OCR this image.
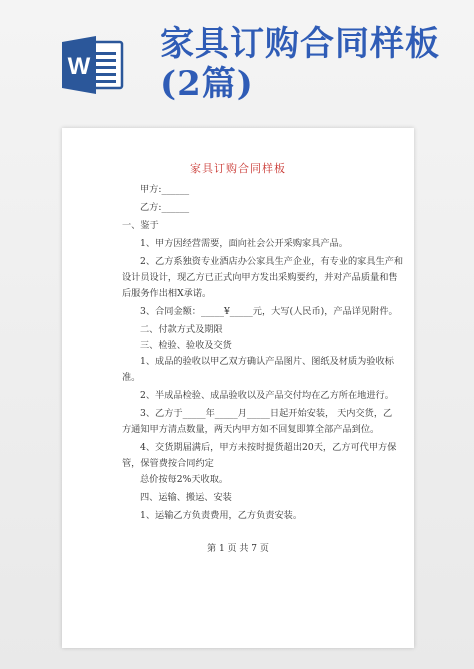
W
家具订购合同样板
(2篇)
家具订购合同样板
甲方:______
乙方:______
一、鉴于
1、甲方因经营需要，面向社会公开采购家具产品。
2、乙方系独资专业酒店办公家具生产企业，有专业的家具生产和
设计员设计，现乙方已正式向甲方发出采购要约，并对产品质量和售
后服务作出相X承诺。
3、合同金额：_____¥_____元，大写(人民币)，产品详见附件。
二、付款方式及期限
三、检验、验收及交货
1、成品的验收以甲乙双方确认产品图片、图纸及材质为验收标
准。
2、半成品检验、成品验收以及产品交付均在乙方所在地进行。
3、乙方于_____年_____月_____日起开始安装， 天内交货，乙
方通知甲方清点数量，两天内甲方如不回复即算全部产品到位。
4、交货期届满后，甲方未按时提货超出20天，乙方可代甲方保
管，保管费按合同约定
总价按每2%天收取。
四、运输、搬运、安装
1、运输乙方负责费用，乙方负责安装。
第 1 页 共 7 页
